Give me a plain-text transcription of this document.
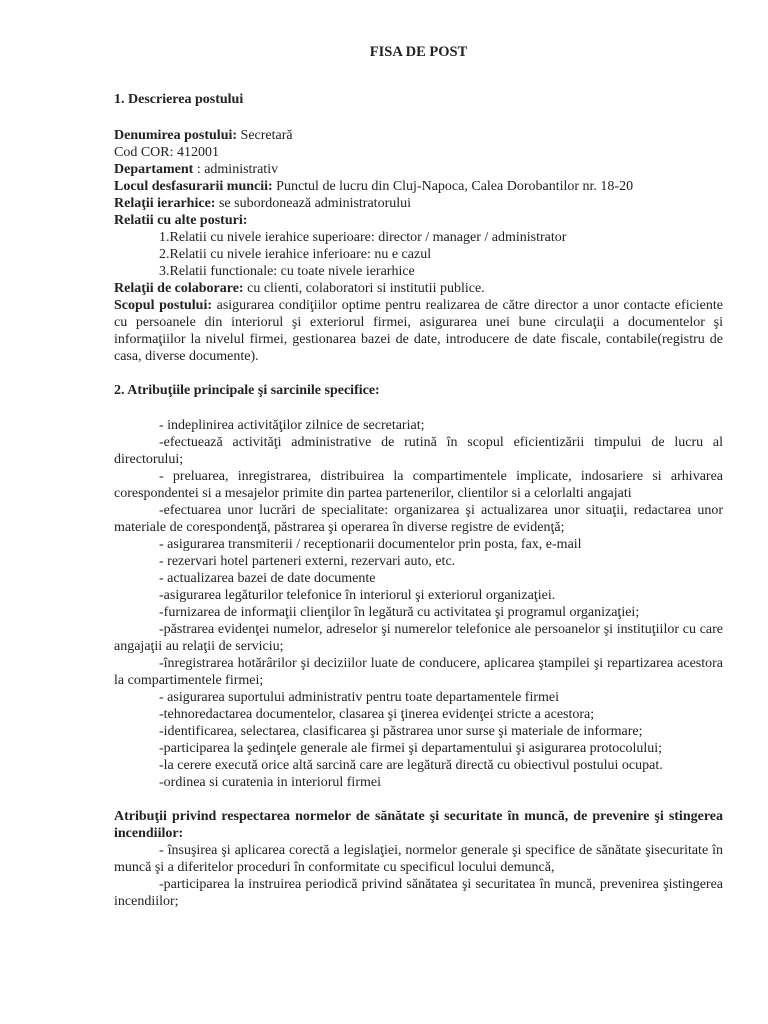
FISA DE POST
1. Descrierea postului
Denumirea postului: Secretară
Cod COR: 412001
Departament : administrativ
Locul desfasurarii muncii: Punctul de lucru din Cluj-Napoca, Calea Dorobantilor nr. 18-20
Relaţii ierarhice: se subordonează administratorului
Relatii cu alte posturi:
1.Relatii cu nivele ierahice superioare: director / manager / administrator
2.Relatii cu nivele ierahice inferioare: nu e cazul
3.Relatii functionale: cu toate nivele ierarhice
Relaţii de colaborare: cu clienti, colaboratori si institutii publice.
Scopul postului: asigurarea condiţiilor optime pentru realizarea de către director a unor contacte eficiente cu persoanele din interiorul şi exteriorul firmei, asigurarea unei bune circulaţii a documentelor şi informaţiilor la nivelul firmei, gestionarea bazei de date, introducere de date fiscale, contabile(registru de casa, diverse documente).
2. Atribuţiile principale şi sarcinile specifice:
- indeplinirea activităţilor zilnice de secretariat;
-efectuează activităţi administrative de rutină în scopul eficientizării timpului de lucru al directorului;
- preluarea, inregistrarea, distribuirea la compartimentele implicate, indosariere si arhivarea corespondentei si a mesajelor primite din partea partenerilor, clientilor si a celorlalti angajati
-efectuarea unor lucrări de specialitate: organizarea şi actualizarea unor situaţii, redactarea unor materiale de corespondenţă, păstrarea şi operarea în diverse registre de evidenţă;
- asigurarea transmiterii / receptionarii documentelor prin posta, fax, e-mail
- rezervari hotel parteneri externi, rezervari auto, etc.
- actualizarea bazei de date documente
-asigurarea legăturilor telefonice în interiorul şi exteriorul organizaţiei.
-furnizarea de informaţii clienţilor în legătură cu activitatea şi programul organizaţiei;
-păstrarea evidenţei numelor, adreselor şi numerelor telefonice ale persoanelor şi instituţiilor cu care angajaţii au relaţii de serviciu;
-înregistrarea hotărârilor şi deciziilor luate de conducere, aplicarea ştampilei şi repartizarea acestora la compartimentele firmei;
- asigurarea suportului administrativ pentru toate departamentele firmei
-tehnoredactarea documentelor, clasarea şi ţinerea evidenţei stricte a acestora;
-identificarea, selectarea, clasificarea şi păstrarea unor surse şi materiale de informare;
-participarea la şedinţele generale ale firmei şi departamentului şi asigurarea protocolului;
-la cerere execută orice altă sarcină care are legătură directă cu obiectivul postului ocupat.
-ordinea si curatenia in interiorul firmei
Atribuţii privind respectarea normelor de sănătate şi securitate în muncă, de prevenire şi stingerea incendiilor:
- însuşirea şi aplicarea corectă a legislaţiei, normelor generale şi specifice de sănătate şisecuritate în muncă şi a diferitelor proceduri în conformitate cu specificul locului demuncă,
-participarea la instruirea periodică privind sănătatea şi securitatea în muncă, prevenirea şistingerea incendiilor;
